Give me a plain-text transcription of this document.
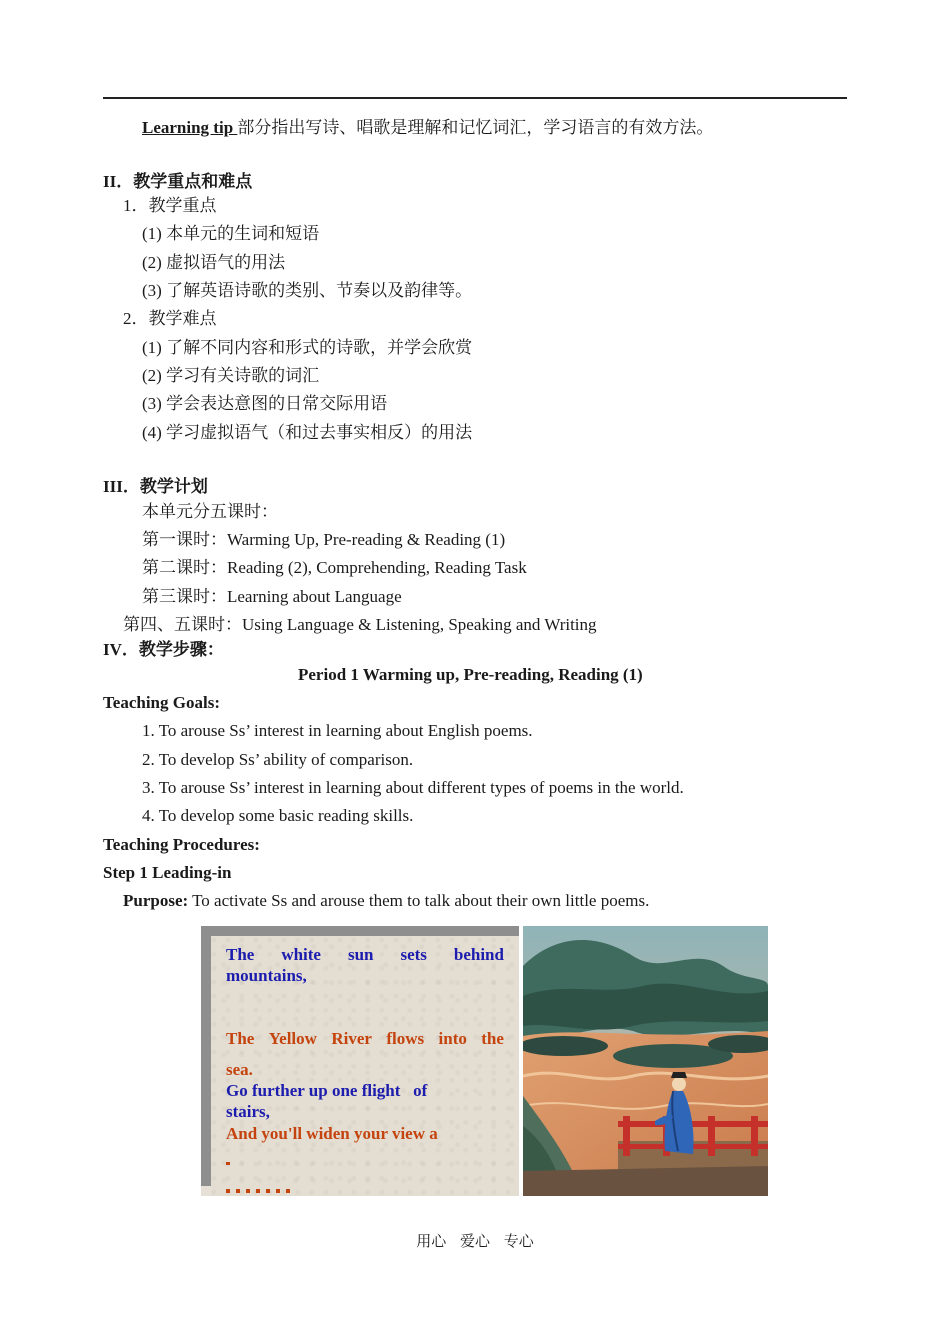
Learning tip 部分指出写诗、唱歌是理解和记忆词汇，学习语言的有效方法。
II．教学重点和难点
1．教学重点
(1) 本单元的生词和短语
(2) 虚拟语气的用法
(3) 了解英语诗歌的类别、节奏以及韵律等。
2．教学难点
(1) 了解不同内容和形式的诗歌，并学会欣赏
(2) 学习有关诗歌的词汇
(3) 学会表达意图的日常交际用语
(4) 学习虚拟语气（和过去事实相反）的用法
III．教学计划
本单元分五课时：
第一课时：Warming Up, Pre-reading & Reading (1)
第二课时：Reading (2), Comprehending, Reading Task
第三课时：Learning about Language
第四、五课时：Using Language & Listening, Speaking and Writing
IV．教学步骤：
Period 1 Warming up, Pre-reading, Reading (1)
Teaching Goals:
1. To arouse Ss’ interest in learning about English poems.
2. To develop Ss’ ability of comparison.
3. To arouse Ss’ interest in learning about different types of poems in the world.
4. To develop some basic reading skills.
Teaching Procedures:
Step 1 Leading-in
Purpose: To activate Ss and arouse them to talk about their own little poems.
The white sun sets behind
mountains,
The Yellow River flows into the
sea.
Go further up one flight   of
stairs,
And you'll widen your view a
用心 爱心 专心
